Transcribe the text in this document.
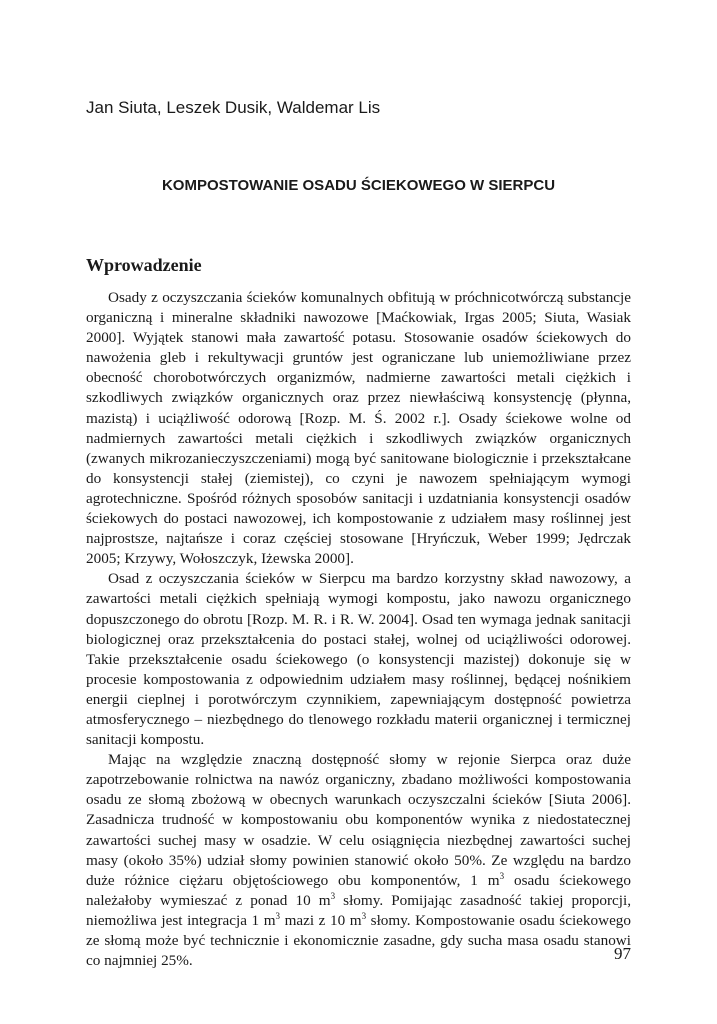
Jan Siuta, Leszek Dusik, Waldemar Lis
KOMPOSTOWANIE OSADU ŚCIEKOWEGO W SIERPCU
Wprowadzenie

Osady z oczyszczania ścieków komunalnych obfitują w próchnicotwórczą substancje organiczną i mineralne składniki nawozowe [Maćkowiak, Irgas 2005; Siuta, Wasiak 2000]. Wyjątek stanowi mała zawartość potasu. Stosowanie osadów ściekowych do nawożenia gleb i rekultywacji gruntów jest ograniczane lub uniemożliwiane przez obecność chorobotwórczych organizmów, nadmierne zawartości metali ciężkich i szkodliwych związków organicznych oraz przez niewłaściwą konsystencję (płynna, mazistą) i uciążliwość odorową [Rozp. M. Ś. 2002 r.]. Osady ściekowe wolne od nadmiernych zawartości metali ciężkich i szkodliwych związków organicznych (zwanych mikrozanieczyszczeniami) mogą być sanitowane biologicznie i przekształcane do konsystencji stałej (ziemistej), co czyni je nawozem spełniającym wymogi agrotechniczne. Spośród różnych sposobów sanitacji i uzdatniania konsystencji osadów ściekowych do postaci nawozowej, ich kompostowanie z udziałem masy roślinnej jest najprostsze, najtańsze i coraz częściej stosowane [Hryńczuk, Weber 1999; Jędrczak 2005; Krzywy, Wołoszczyk, Iżewska 2000].

Osad z oczyszczania ścieków w Sierpcu ma bardzo korzystny skład nawozowy, a zawartości metali ciężkich spełniają wymogi kompostu, jako nawozu organicznego dopuszczonego do obrotu [Rozp. M. R. i R. W. 2004]. Osad ten wymaga jednak sanitacji biologicznej oraz przekształcenia do postaci stałej, wolnej od uciążliwości odorowej. Takie przekształcenie osadu ściekowego (o konsystencji mazistej) dokonuje się w procesie kompostowania z odpowiednim udziałem masy roślinnej, będącej nośnikiem energii cieplnej i porotwórczym czynnikiem, zapewniającym dostępność powietrza atmosferycznego – niezbędnego do tlenowego rozkładu materii organicznej i termicznej sanitacji kompostu.

Mając na względzie znaczną dostępność słomy w rejonie Sierpca oraz duże zapotrzebowanie rolnictwa na nawóz organiczny, zbadano możliwości kompostowania osadu ze słomą zbożową w obecnych warunkach oczyszczalni ścieków [Siuta 2006]. Zasadnicza trudność w kompostowaniu obu komponentów wynika z niedostatecznej zawartości suchej masy w osadzie. W celu osiągnięcia niezbędnej zawartości suchej masy (około 35%) udział słomy powinien stanowić około 50%. Ze względu na bardzo duże różnice ciężaru objętościowego obu komponentów, 1 $m^3$ osadu ściekowego należałoby wymieszać z ponad 10 $m^3$ słomy. Pomijając zasadność takiej proporcji, niemożliwa jest integracja 1 $m^3$ mazi z 10 $m^3$ słomy. Kompostowanie osadu ściekowego ze słomą może być technicznie i ekonomicznie zasadne, gdy sucha masa osadu stanowi co najmniej 25%.	97
